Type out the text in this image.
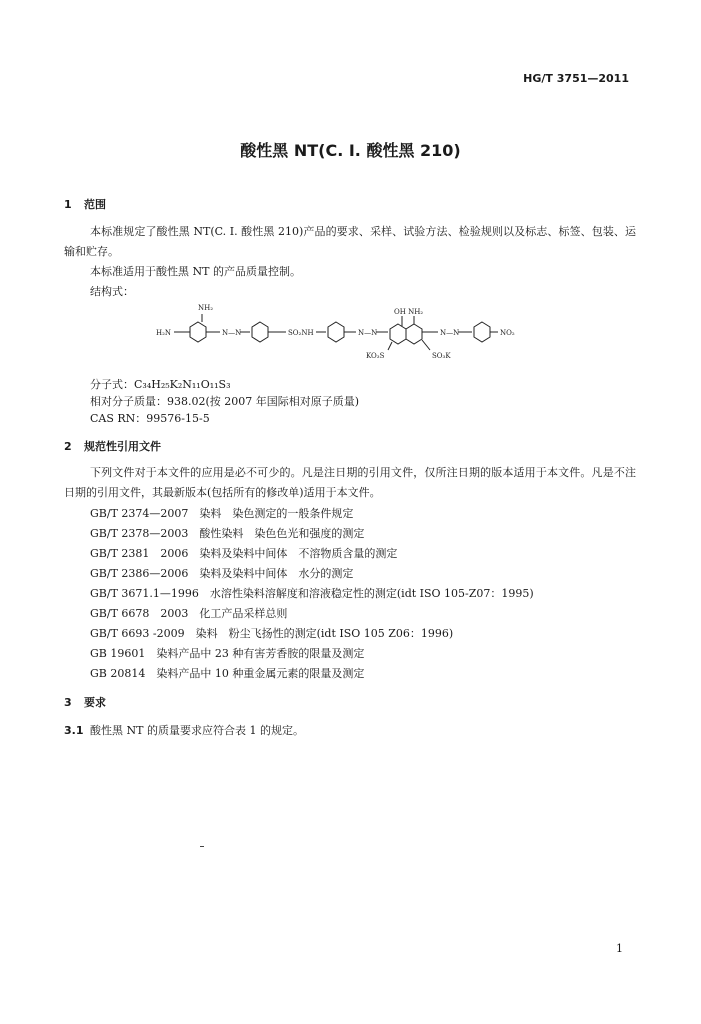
HG/T 3751—2011
酸性黑 NT(C. I. 酸性黑 210)
1 范围
本标准规定了酸性黑 NT(C. I. 酸性黑 210)产品的要求、采样、试验方法、检验规则以及标志、标签、包装、运输和贮存。
本标准适用于酸性黑 NT 的产品质量控制。
结构式：
NH₂
H₂N	N—N	SO₂NH	N—N
OH NH₂
KO₃S	SO₃K
N—N	NO₂
分子式：C₃₄H₂₅K₂N₁₁O₁₁S₃
相对分子质量：938.02(按 2007 年国际相对原子质量)
CAS RN：99576-15-5
2 规范性引用文件
下列文件对于本文件的应用是必不可少的。凡是注日期的引用文件，仅所注日期的版本适用于本文件。凡是不注日期的引用文件，其最新版本(包括所有的修改单)适用于本文件。
GB/T 2374—2007　染料　染色测定的一般条件规定
GB/T 2378—2003　酸性染料　染色色光和强度的测定
GB/T 2381　2006　染料及染料中间体　不溶物质含量的测定
GB/T 2386—2006　染料及染料中间体　水分的测定
GB/T 3671.1—1996　水溶性染料溶解度和溶液稳定性的测定(idt ISO 105-Z07：1995)
GB/T 6678　2003　化工产品采样总则
GB/T 6693 -2009　染料　粉尘飞扬性的测定(idt ISO 105 Z06：1996)
GB 19601　染料产品中 23 种有害芳香胺的限量及测定
GB 20814　染料产品中 10 种重金属元素的限量及测定
3 要求
3.1 酸性黑 NT 的质量要求应符合表 1 的规定。
1
